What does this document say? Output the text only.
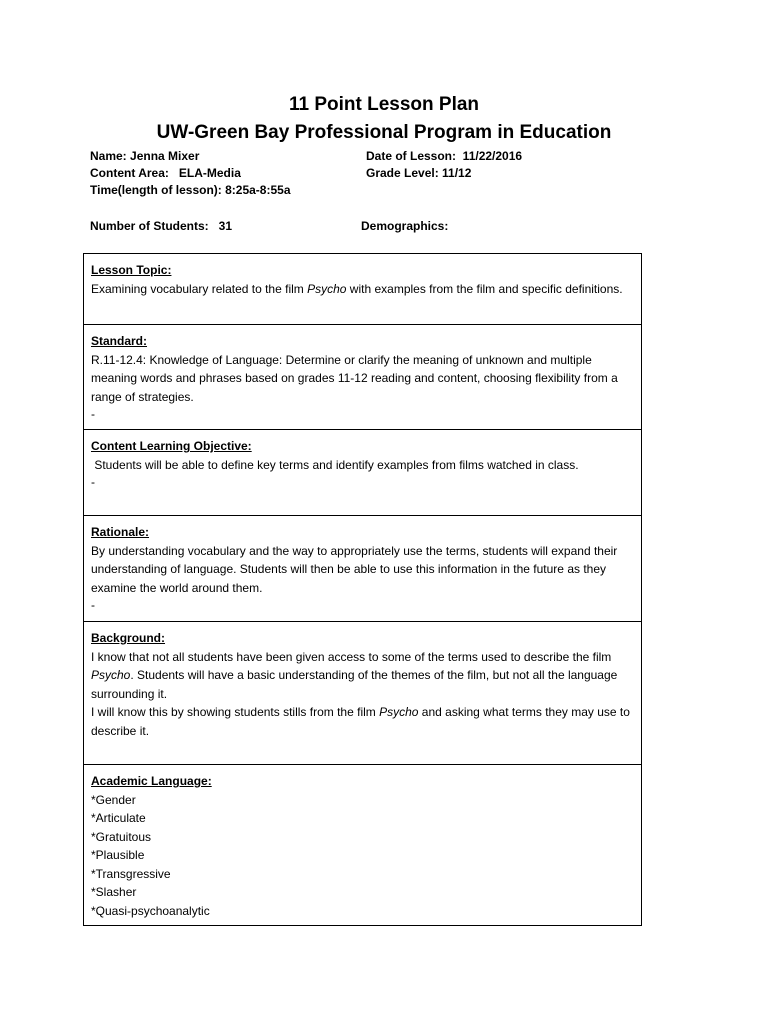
11 Point Lesson Plan
UW-Green Bay Professional Program in Education
Name: Jenna Mixer	Date of Lesson:  11/22/2016
Content Area:   ELA-Media	Grade Level: 11/12
Time(length of lesson): 8:25a-8:55a
Number of Students:   31	Demographics:
Lesson Topic:
Examining vocabulary related to the film Psycho with examples from the film and specific definitions.
Standard:
R.11-12.4: Knowledge of Language: Determine or clarify the meaning of unknown and multiple meaning words and phrases based on grades 11-12 reading and content, choosing flexibility from a range of strategies.
-
Content Learning Objective:
Students will be able to define key terms and identify examples from films watched in class.
-
Rationale:
By understanding vocabulary and the way to appropriately use the terms, students will expand their understanding of language. Students will then be able to use this information in the future as they examine the world around them.
-
Background:
I know that not all students have been given access to some of the terms used to describe the film Psycho. Students will have a basic understanding of the themes of the film, but not all the language surrounding it.
I will know this by showing students stills from the film Psycho and asking what terms they may use to describe it.
Academic Language:
*Gender
*Articulate
*Gratuitous
*Plausible
*Transgressive
*Slasher
*Quasi-psychoanalytic
